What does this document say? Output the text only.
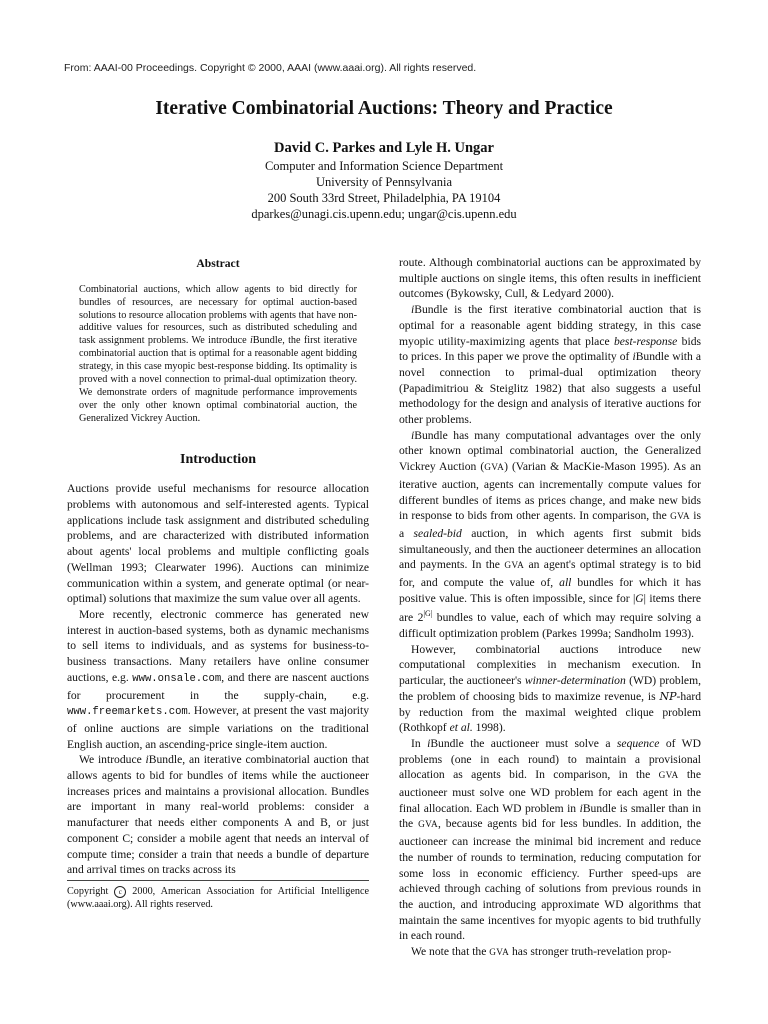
From: AAAI-00 Proceedings. Copyright © 2000, AAAI (www.aaai.org). All rights reserved.
Iterative Combinatorial Auctions: Theory and Practice
David C. Parkes and Lyle H. Ungar
Computer and Information Science Department
University of Pennsylvania
200 South 33rd Street, Philadelphia, PA 19104
dparkes@unagi.cis.upenn.edu; ungar@cis.upenn.edu
Abstract

Combinatorial auctions, which allow agents to bid directly for bundles of resources, are necessary for optimal auction-based solutions to resource allocation problems with agents that have non-additive values for resources, such as distributed scheduling and task assignment problems. We introduce iBundle, the first iterative combinatorial auction that is optimal for a reasonable agent bidding strategy, in this case myopic best-response bidding. Its optimality is proved with a novel connection to primal-dual optimization theory. We demonstrate orders of magnitude performance improvements over the only other known optimal combinatorial auction, the Generalized Vickrey Auction.

Introduction

Auctions provide useful mechanisms for resource allocation problems with autonomous and self-interested agents. Typical applications include task assignment and distributed scheduling problems, and are characterized with distributed information about agents' local problems and multiple conflicting goals (Wellman 1993; Clearwater 1996). Auctions can minimize communication within a system, and generate optimal (or near-optimal) solutions that maximize the sum value over all agents.

More recently, electronic commerce has generated new interest in auction-based systems, both as dynamic mechanisms to sell items to individuals, and as systems for business-to-business transactions. Many retailers have online consumer auctions, e.g. www.onsale.com, and there are nascent auctions for procurement in the supply-chain, e.g. www.freemarkets.com. However, at present the vast majority of online auctions are simple variations on the traditional English auction, an ascending-price single-item auction.

We introduce iBundle, an iterative combinatorial auction that allows agents to bid for bundles of items while the auctioneer increases prices and maintains a provisional allocation. Bundles are important in many real-world problems: consider a manufacturer that needs either components A and B, or just component C; consider a mobile agent that needs an interval of compute time; consider a train that needs a bundle of departure and arrival times on tracks across its

Copyright c 2000, American Association for Artificial Intelligence (www.aaai.org). All rights reserved.

route. Although combinatorial auctions can be approximated by multiple auctions on single items, this often results in inefficient outcomes (Bykowsky, Cull, & Ledyard 2000).

iBundle is the first iterative combinatorial auction that is optimal for a reasonable agent bidding strategy, in this case myopic utility-maximizing agents that place best-response bids to prices. In this paper we prove the optimality of iBundle with a novel connection to primal-dual optimization theory (Papadimitriou & Steiglitz 1982) that also suggests a useful methodology for the design and analysis of iterative auctions for other problems.

iBundle has many computational advantages over the only other known optimal combinatorial auction, the Generalized Vickrey Auction (GVA) (Varian & MacKie-Mason 1995). As an iterative auction, agents can incrementally compute values for different bundles of items as prices change, and make new bids in response to bids from other agents. In comparison, the GVA is a sealed-bid auction, in which agents first submit bids simultaneously, and then the auctioneer determines an allocation and payments. In the GVA an agent's optimal strategy is to bid for, and compute the value of, all bundles for which it has positive value. This is often impossible, since for |G| items there are $2^{|G|}$ bundles to value, each of which may require solving a difficult optimization problem (Parkes 1999a; Sandholm 1993).

However, combinatorial auctions introduce new computational complexities in mechanism execution. In particular, the auctioneer's winner-determination (WD) problem, the problem of choosing bids to maximize revenue, is NP-hard by reduction from the maximal weighted clique problem (Rothkopf et al. 1998).

In iBundle the auctioneer must solve a sequence of WD problems (one in each round) to maintain a provisional allocation as agents bid. In comparison, in the GVA the auctioneer must solve one WD problem for each agent in the final allocation. Each WD problem in iBundle is smaller than in the GVA, because agents bid for less bundles. In addition, the auctioneer can increase the minimal bid increment and reduce the number of rounds to termination, reducing computation for some loss in economic efficiency. Further speed-ups are achieved through caching of solutions from previous rounds in the auction, and introducing approximate WD algorithms that maintain the same incentives for myopic agents to bid truthfully in each round.

We note that the GVA has stronger truth-revelation prop-
